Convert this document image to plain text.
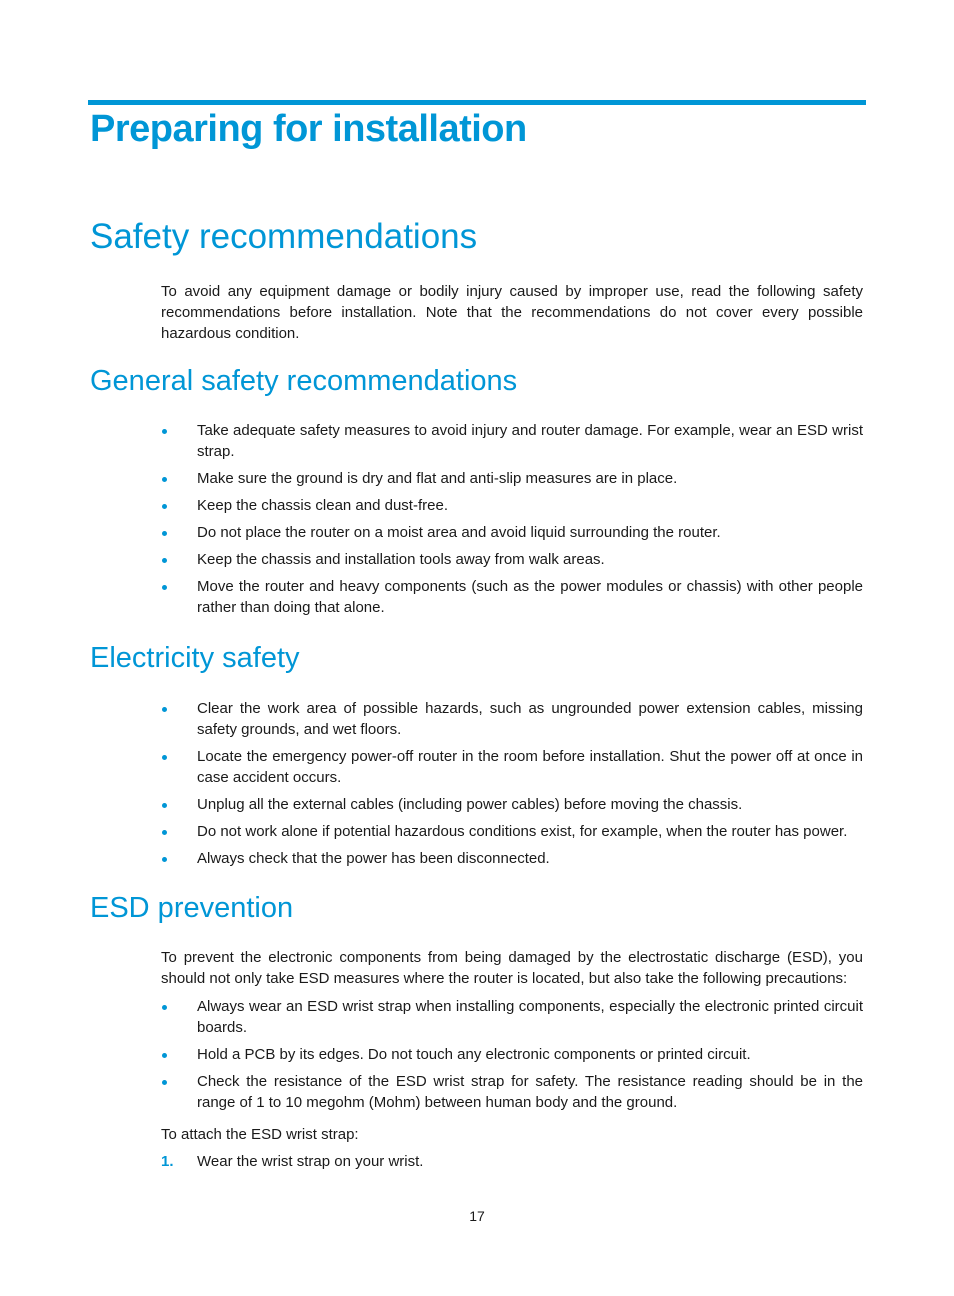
Preparing for installation
Safety recommendations

To avoid any equipment damage or bodily injury caused by improper use, read the following safety recommendations before installation. Note that the recommendations do not cover every possible hazardous condition.

General safety recommendations
Take adequate safety measures to avoid injury and router damage. For example, wear an ESD wrist strap.
Make sure the ground is dry and flat and anti-slip measures are in place.
Keep the chassis clean and dust-free.
Do not place the router on a moist area and avoid liquid surrounding the router.
Keep the chassis and installation tools away from walk areas.
Move the router and heavy components (such as the power modules or chassis) with other people rather than doing that alone.
Electricity safety
Clear the work area of possible hazards, such as ungrounded power extension cables, missing safety grounds, and wet floors.
Locate the emergency power-off router in the room before installation. Shut the power off at once in case accident occurs.
Unplug all the external cables (including power cables) before moving the chassis.
Do not work alone if potential hazardous conditions exist, for example, when the router has power.
Always check that the power has been disconnected.
ESD prevention

To prevent the electronic components from being damaged by the electrostatic discharge (ESD), you should not only take ESD measures where the router is located, but also take the following precautions:

Always wear an ESD wrist strap when installing components, especially the electronic printed circuit boards.
Hold a PCB by its edges. Do not touch any electronic components or printed circuit.
Check the resistance of the ESD wrist strap for safety. The resistance reading should be in the range of 1 to 10 megohm (Mohm) between human body and the ground.

To attach the ESD wrist strap:

1. Wear the wrist strap on your wrist.
17
